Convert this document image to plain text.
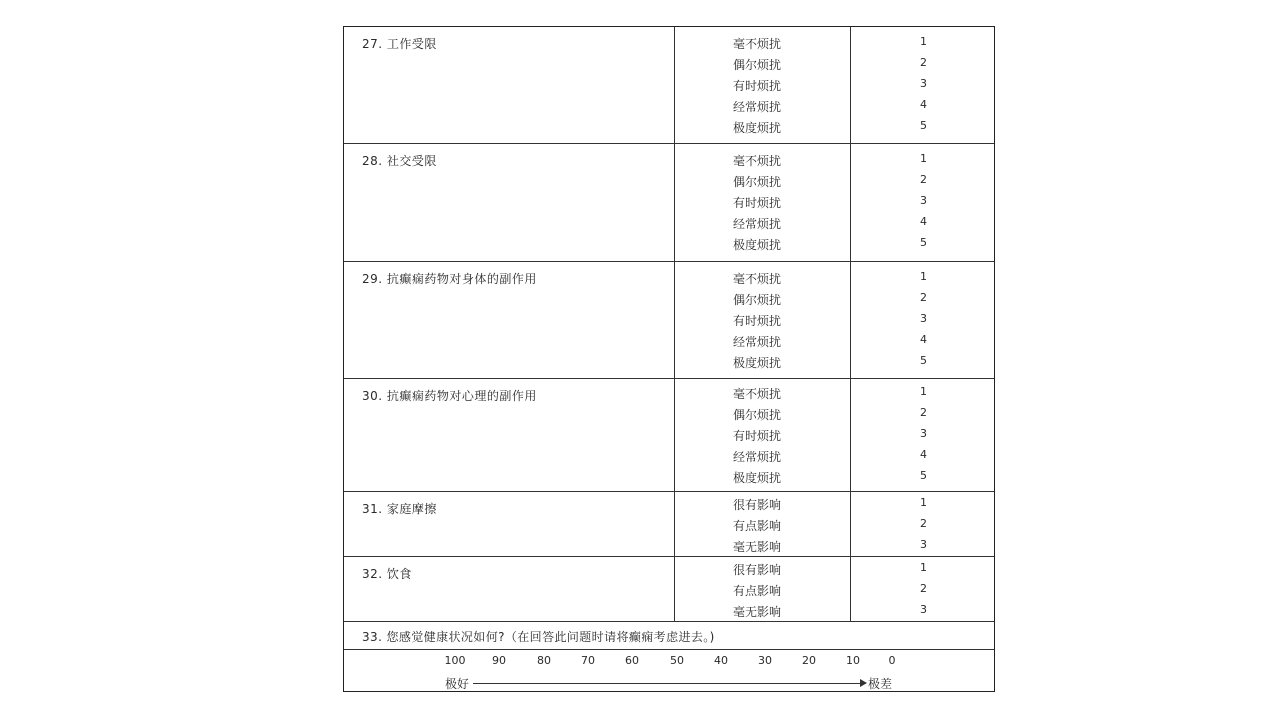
27. 工作受限	毫不烦扰	1
偶尔烦扰	2
有时烦扰	3
经常烦扰	4
极度烦扰	5
28. 社交受限	毫不烦扰	1
偶尔烦扰	2
有时烦扰	3
经常烦扰	4
极度烦扰	5
29. 抗癫痫药物对身体的副作用	毫不烦扰	1
偶尔烦扰	2
有时烦扰	3
经常烦扰	4
极度烦扰	5
30. 抗癫痫药物对心理的副作用	毫不烦扰	1
偶尔烦扰	2
有时烦扰	3
经常烦扰	4
极度烦扰	5
31. 家庭摩擦	很有影响	1
有点影响	2
毫无影响	3
32. 饮食	很有影响	1
有点影响	2
毫无影响	3
33. 您感觉健康状况如何?（在回答此问题时请将癫痫考虑进去。)
100	90	80	70	60	50	40	30	20	10	0
极好	极差
